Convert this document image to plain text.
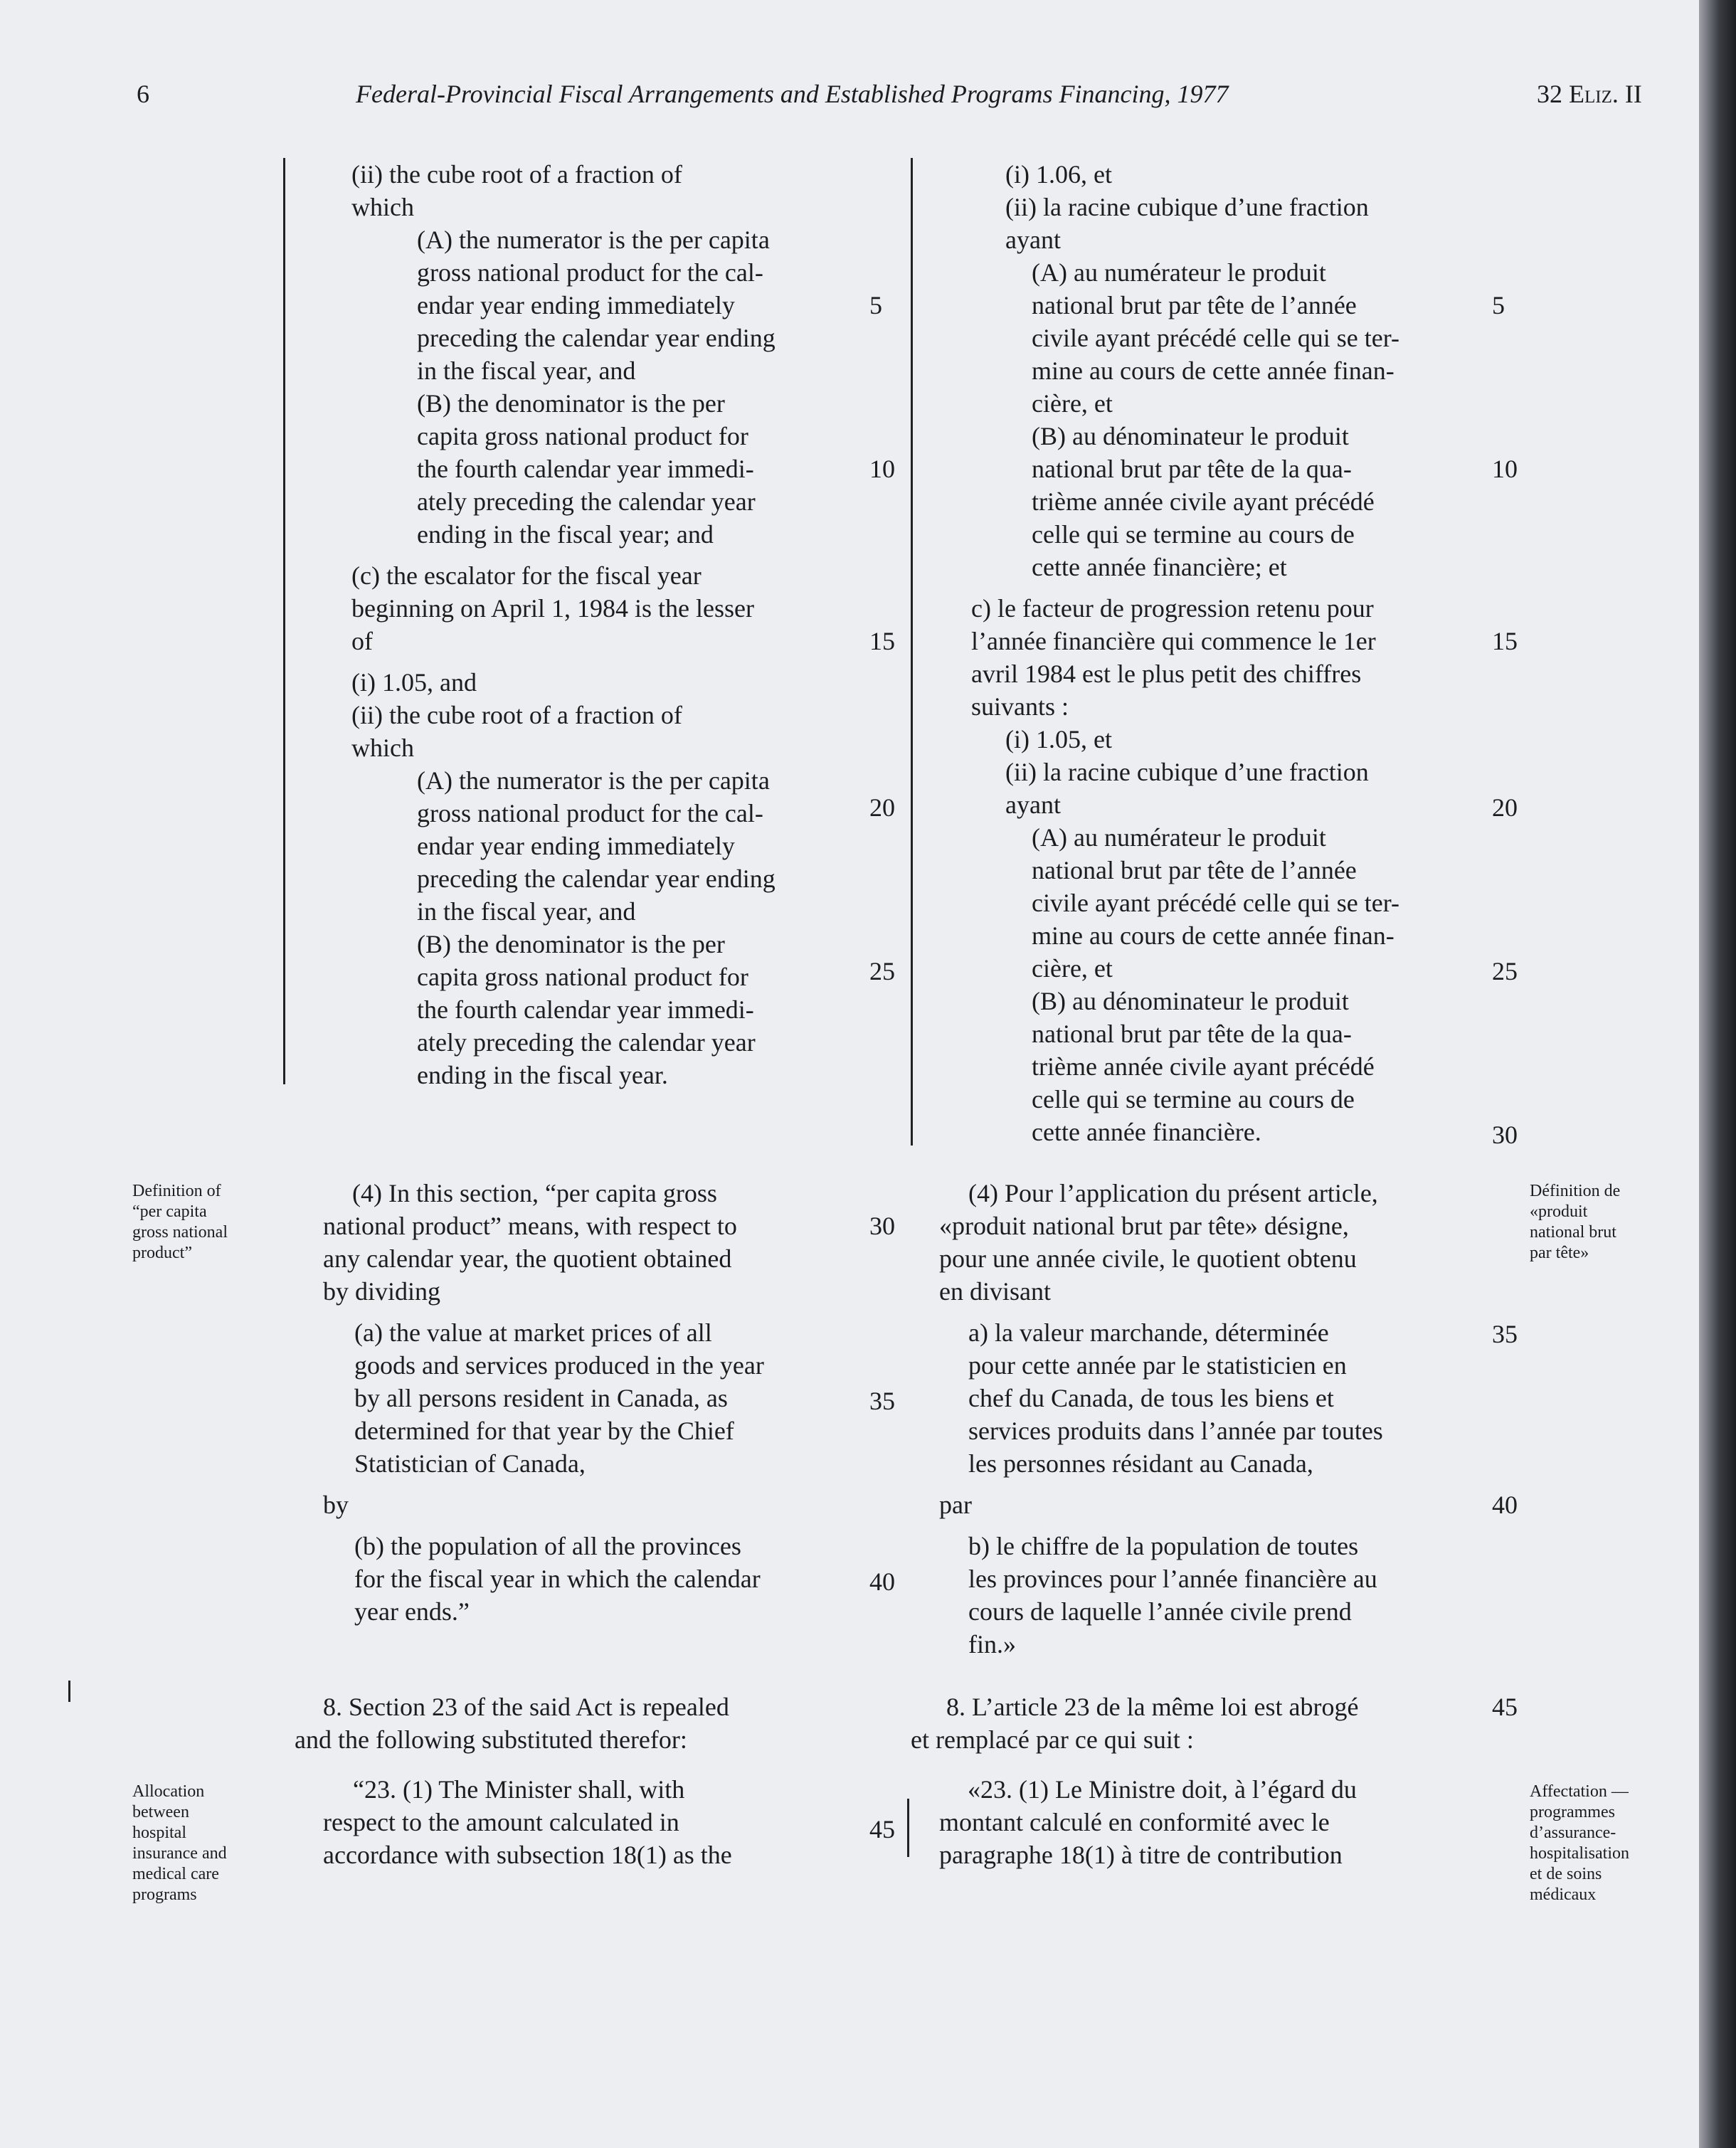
6	Federal-Provincial Fiscal Arrangements and Established Programs Financing, 1977	32 Eliz. II
(ii) the cube root of a fraction of
which
(A) the numerator is the per capita
gross national product for the cal-
endar year ending immediately
preceding the calendar year ending
in the fiscal year, and
(B) the denominator is the per
capita gross national product for
the fourth calendar year immedi-
ately preceding the calendar year
ending in the fiscal year; and
(c) the escalator for the fiscal year
beginning on April 1, 1984 is the lesser
of
(i) 1.05, and
(ii) the cube root of a fraction of
which
(A) the numerator is the per capita
gross national product for the cal-
endar year ending immediately
preceding the calendar year ending
in the fiscal year, and
(B) the denominator is the per
capita gross national product for
the fourth calendar year immedi-
ately preceding the calendar year
ending in the fiscal year.
(i) 1.06, et
(ii) la racine cubique d’une fraction
ayant
(A) au numérateur le produit
national brut par tête de l’année
civile ayant précédé celle qui se ter-
mine au cours de cette année finan-
cière, et
(B) au dénominateur le produit
national brut par tête de la qua-
trième année civile ayant précédé
celle qui se termine au cours de
cette année financière; et
c) le facteur de progression retenu pour
l’année financière qui commence le 1er
avril 1984 est le plus petit des chiffres
suivants :
(i) 1.05, et
(ii) la racine cubique d’une fraction
ayant
(A) au numérateur le produit
national brut par tête de l’année
civile ayant précédé celle qui se ter-
mine au cours de cette année finan-
cière, et
(B) au dénominateur le produit
national brut par tête de la qua-
trième année civile ayant précédé
celle qui se termine au cours de
cette année financière.
(4) In this section, “per capita gross
national product” means, with respect to
any calendar year, the quotient obtained
by dividing
(a) the value at market prices of all
goods and services produced in the year
by all persons resident in Canada, as
determined for that year by the Chief
Statistician of Canada,
by
(b) the population of all the provinces
for the fiscal year in which the calendar
year ends.”
(4) Pour l’application du présent article,
«produit national brut par tête» désigne,
pour une année civile, le quotient obtenu
en divisant
a) la valeur marchande, déterminée
pour cette année par le statisticien en
chef du Canada, de tous les biens et
services produits dans l’année par toutes
les personnes résidant au Canada,
par
b) le chiffre de la population de toutes
les provinces pour l’année financière au
cours de laquelle l’année civile prend
fin.»
8. Section 23 of the said Act is repealed
and the following substituted therefor:
“23. (1) The Minister shall, with
respect to the amount calculated in
accordance with subsection 18(1) as the
8. L’article 23 de la même loi est abrogé
et remplacé par ce qui suit :
«23. (1) Le Ministre doit, à l’égard du
montant calculé en conformité avec le
paragraphe 18(1) à titre de contribution
5
10
15
20
25
30
35
40
45
5
10
15
20
25
30
35
40
45
Definition of
“per capita
gross national
product”
Définition de
«produit
national brut
par tête»
Allocation
between
hospital
insurance and
medical care
programs
Affectation —
programmes
d’assurance-
hospitalisation
et de soins
médicaux
